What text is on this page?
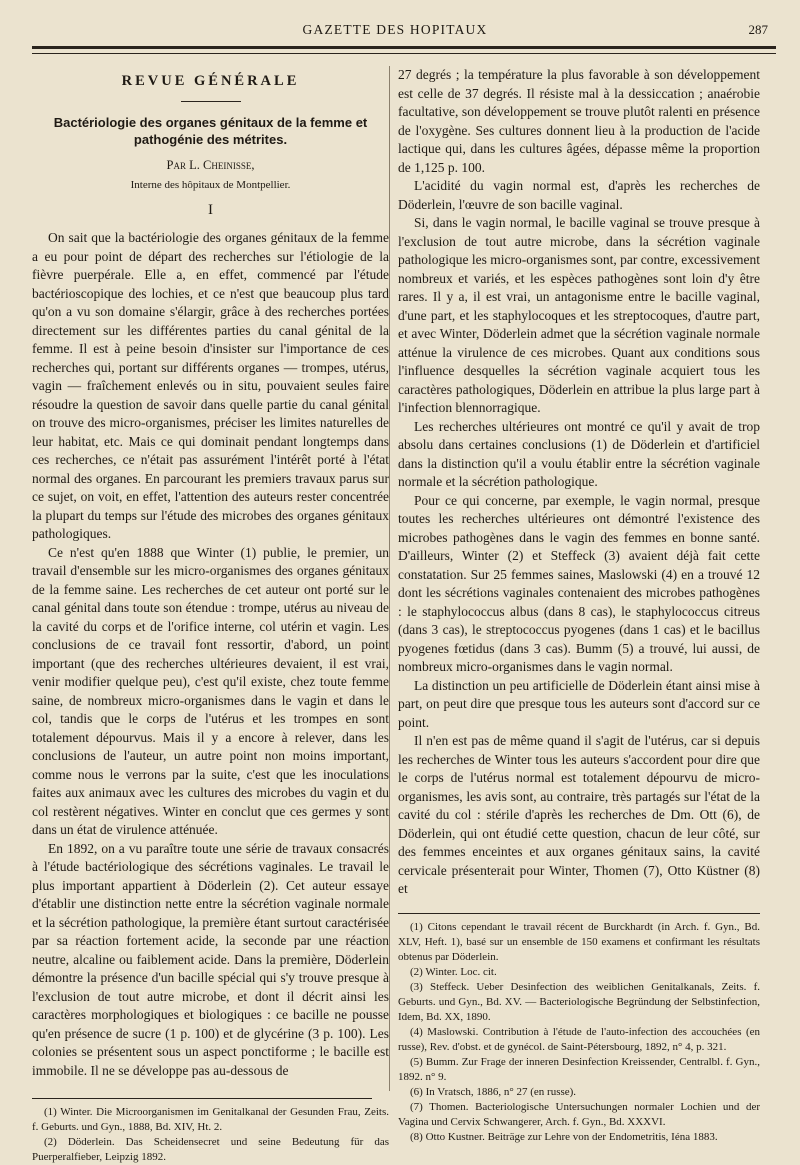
GAZETTE DES HOPITAUX	287
REVUE GÉNÉRALE
Bactériologie des organes génitaux de la femme et pathogénie des métrites.
Par L. Cheinisse,
Interne des hôpitaux de Montpellier.
I

On sait que la bactériologie des organes génitaux de la femme a eu pour point de départ des recherches sur l'étiologie de la fièvre puerpérale. Elle a, en effet, commencé par l'étude bactérioscopique des lochies, et ce n'est que beaucoup plus tard qu'on a vu son domaine s'élargir, grâce à des recherches portées directement sur les différentes parties du canal génital de la femme. Il est à peine besoin d'insister sur l'importance de ces recherches qui, portant sur différents organes — trompes, utérus, vagin — fraîchement enlevés ou in situ, pouvaient seules faire résoudre la question de savoir dans quelle partie du canal génital on trouve des micro-organismes, préciser les limites naturelles de leur habitat, etc. Mais ce qui dominait pendant longtemps dans ces recherches, ce n'était pas assurément l'intérêt porté à l'état normal des organes. En parcourant les premiers travaux parus sur ce sujet, on voit, en effet, l'attention des auteurs rester concentrée la plupart du temps sur l'étude des microbes des organes génitaux pathologiques.

Ce n'est qu'en 1888 que Winter (1) publie, le premier, un travail d'ensemble sur les micro-organismes des organes génitaux de la femme saine. Les recherches de cet auteur ont porté sur le canal génital dans toute son étendue : trompe, utérus au niveau de la cavité du corps et de l'orifice interne, col utérin et vagin. Les conclusions de ce travail font ressortir, d'abord, un point important (que des recherches ultérieures devaient, il est vrai, venir modifier quelque peu), c'est qu'il existe, chez toute femme saine, de nombreux micro-organismes dans le vagin et dans le col, tandis que le corps de l'utérus et les trompes en sont totalement dépourvus. Mais il y a encore à relever, dans les conclusions de l'auteur, un autre point non moins important, comme nous le verrons par la suite, c'est que les inoculations faites aux animaux avec les cultures des microbes du vagin et du col restèrent négatives. Winter en conclut que ces germes y sont dans un état de virulence atténuée.

En 1892, on a vu paraître toute une série de travaux consacrés à l'étude bactériologique des sécrétions vaginales. Le travail le plus important appartient à Döderlein (2). Cet auteur essaye d'établir une distinction nette entre la sécrétion vaginale normale et la sécrétion pathologique, la première étant surtout caractérisée par sa réaction fortement acide, la seconde par une réaction neutre, alcaline ou faiblement acide. Dans la première, Döderlein démontre la présence d'un bacille spécial qui s'y trouve presque à l'exclusion de tout autre microbe, et dont il décrit ainsi les caractères morphologiques et biologiques : ce bacille ne pousse qu'en présence de sucre (1 p. 100) et de glycérine (3 p. 100). Les colonies se présentent sous un aspect ponctiforme ; le bacille est immobile. Il ne se développe pas au-dessous de

(1) Winter. Die Microorganismen im Genitalkanal der Gesunden Frau, Zeits. f. Geburts. und Gyn., 1888, Bd. XIV, Ht. 2.

(2) Döderlein. Das Scheidensecret und seine Bedeutung für das Puerperalfieber, Leipzig 1892.

27 degrés ; la température la plus favorable à son développement est celle de 37 degrés. Il résiste mal à la dessiccation ; anaérobie facultative, son développement se trouve plutôt ralenti en présence de l'oxygène. Ses cultures donnent lieu à la production de l'acide lactique qui, dans les cultures âgées, dépasse même la proportion de 1,125 p. 100.

L'acidité du vagin normal est, d'après les recherches de Döderlein, l'œuvre de son bacille vaginal.

Si, dans le vagin normal, le bacille vaginal se trouve presque à l'exclusion de tout autre microbe, dans la sécrétion vaginale pathologique les micro-organismes sont, par contre, excessivement nombreux et variés, et les espèces pathogènes sont loin d'y être rares. Il y a, il est vrai, un antagonisme entre le bacille vaginal, d'une part, et les staphylocoques et les streptocoques, d'autre part, et avec Winter, Döderlein admet que la sécrétion vaginale normale atténue la virulence de ces microbes. Quant aux conditions sous l'influence desquelles la sécrétion vaginale acquiert tous les caractères pathologiques, Döderlein en attribue la plus large part à l'infection blennorragique.

Les recherches ultérieures ont montré ce qu'il y avait de trop absolu dans certaines conclusions (1) de Döderlein et d'artificiel dans la distinction qu'il a voulu établir entre la sécrétion vaginale normale et la sécrétion pathologique.

Pour ce qui concerne, par exemple, le vagin normal, presque toutes les recherches ultérieures ont démontré l'existence des microbes pathogènes dans le vagin des femmes en bonne santé. D'ailleurs, Winter (2) et Steffeck (3) avaient déjà fait cette constatation. Sur 25 femmes saines, Maslowski (4) en a trouvé 12 dont les sécrétions vaginales contenaient des microbes pathogènes : le staphylococcus albus (dans 8 cas), le staphylococcus citreus (dans 3 cas), le streptococcus pyogenes (dans 1 cas) et le bacillus pyogenes fœtidus (dans 3 cas). Bumm (5) a trouvé, lui aussi, de nombreux micro-organismes dans le vagin normal.

La distinction un peu artificielle de Döderlein étant ainsi mise à part, on peut dire que presque tous les auteurs sont d'accord sur ce point.

Il n'en est pas de même quand il s'agit de l'utérus, car si depuis les recherches de Winter tous les auteurs s'accordent pour dire que le corps de l'utérus normal est totalement dépourvu de micro-organismes, les avis sont, au contraire, très partagés sur l'état de la cavité du col : stérile d'après les recherches de Dm. Ott (6), de Döderlein, qui ont étudié cette question, chacun de leur côté, sur des femmes enceintes et aux organes génitaux sains, la cavité cervicale présenterait pour Winter, Thomen (7), Otto Küstner (8) et

(1) Citons cependant le travail récent de Burckhardt (in Arch. f. Gyn., Bd. XLV, Heft. 1), basé sur un ensemble de 150 examens et confirmant les résultats obtenus par Döderlein.

(2) Winter. Loc. cit.

(3) Steffeck. Ueber Desinfection des weiblichen Genitalkanals, Zeits. f. Geburts. und Gyn., Bd. XV. — Bacteriologische Begründung der Selbstinfection, Idem, Bd. XX, 1890.

(4) Maslowski. Contribution à l'étude de l'auto-infection des accouchées (en russe), Rev. d'obst. et de gynécol. de Saint-Pétersbourg, 1892, n° 4, p. 321.

(5) Bumm. Zur Frage der inneren Desinfection Kreissender, Centralbl. f. Gyn., 1892. n° 9.

(6) In Vratsch, 1886, n° 27 (en russe).

(7) Thomen. Bacteriologische Untersuchungen normaler Lochien und der Vagina und Cervix Schwangerer, Arch. f. Gyn., Bd. XXXVI.

(8) Otto Kustner. Beiträge zur Lehre von der Endometritis, Iéna 1883.
